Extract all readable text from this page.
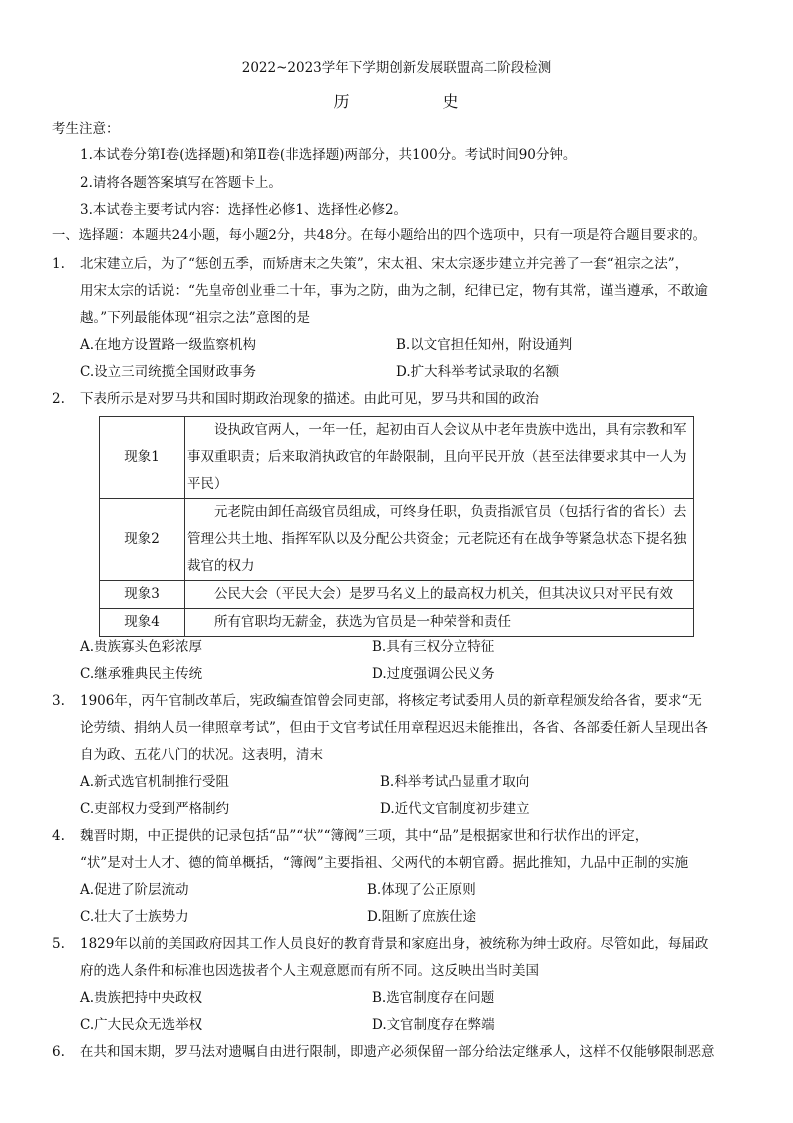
2022~2023学年下学期创新发展联盟高二阶段检测
历	史
考生注意：
1.本试卷分第Ⅰ卷(选择题)和第Ⅱ卷(非选择题)两部分，共100分。考试时间90分钟。
2.请将各题答案填写在答题卡上。
3.本试卷主要考试内容：选择性必修1、选择性必修2。
一、选择题：本题共24小题，每小题2分，共48分。在每小题给出的四个选项中，只有一项是符合题目要求的。
1. 北宋建立后，为了“惩创五季，而矫唐末之失策”，宋太祖、宋太宗逐步建立并完善了一套“祖宗之法”，
用宋太宗的话说：“先皇帝创业垂二十年，事为之防，曲为之制，纪律已定，物有其常，谨当遵承，不敢逾
越。”下列最能体现“祖宗之法”意图的是
A.在地方设置路一级监察机构	B.以文官担任知州，附设通判
C.设立三司统揽全国财政事务	D.扩大科举考试录取的名额
2. 下表所示是对罗马共和国时期政治现象的描述。由此可见，罗马共和国的政治
现象1	设执政官两人，一年一任，起初由百人会议从中老年贵族中选出，具有宗教和军事双重职责；后来取消执政官的年龄限制，且向平民开放（甚至法律要求其中一人为平民）
现象2	元老院由卸任高级官员组成，可终身任职，负责指派官员（包括行省的省长）去管理公共土地、指挥军队以及分配公共资金；元老院还有在战争等紧急状态下提名独裁官的权力
现象3	公民大会（平民大会）是罗马名义上的最高权力机关，但其决议只对平民有效
现象4	所有官职均无薪金，获选为官员是一种荣誉和责任
A.贵族寡头色彩浓厚	B.具有三权分立特征
C.继承雅典民主传统	D.过度强调公民义务
3. 1906年，丙午官制改革后，宪政编查馆曾会同吏部，将核定考试委用人员的新章程颁发给各省，要求“无
论劳绩、捐纳人员一律照章考试”，但由于文官考试任用章程迟迟未能推出，各省、各部委任新人呈现出各
自为政、五花八门的状况。这表明，清末
A.新式选官机制推行受阻	B.科举考试凸显重才取向
C.吏部权力受到严格制约	D.近代文官制度初步建立
4. 魏晋时期，中正提供的记录包括“品”“状”“簿阀”三项，其中“品”是根据家世和行状作出的评定，
“状”是对士人才、德的简单概括，“簿阀”主要指祖、父两代的本朝官爵。据此推知，九品中正制的实施
A.促进了阶层流动	B.体现了公正原则
C.壮大了士族势力	D.阻断了庶族仕途
5. 1829年以前的美国政府因其工作人员良好的教育背景和家庭出身，被统称为绅士政府。尽管如此，每届政
府的选人条件和标准也因选拔者个人主观意愿而有所不同。这反映出当时美国
A.贵族把持中央政权	B.选官制度存在问题
C.广大民众无选举权	D.文官制度存在弊端
6. 在共和国末期，罗马法对遗嘱自由进行限制，即遗产必须保留一部分给法定继承人，这样不仅能够限制恶意
